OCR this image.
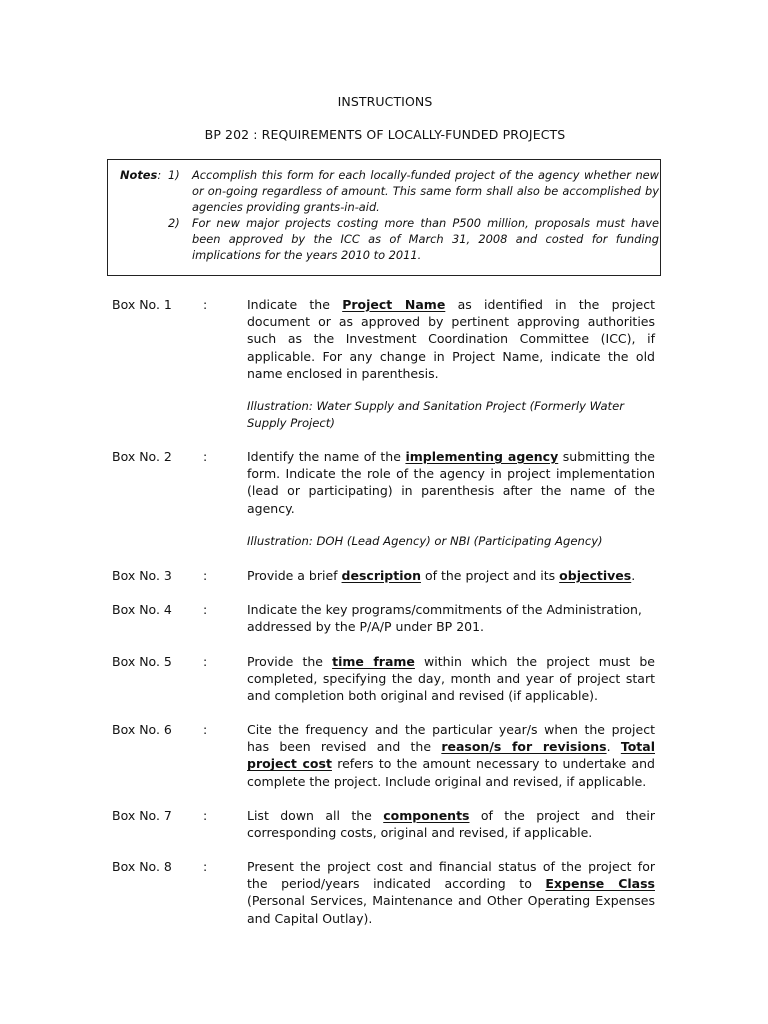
INSTRUCTIONS
BP 202 : REQUIREMENTS OF LOCALLY-FUNDED PROJECTS
Notes: 1) Accomplish this form for each locally-funded project of the agency whether new or on-going regardless of amount. This same form shall also be accomplished by agencies providing grants-in-aid.
2) For new major projects costing more than P500 million, proposals must have been approved by the ICC as of March 31, 2008 and costed for funding implications for the years 2010 to 2011.
Box No. 1 :	Indicate the Project Name as identified in the project document or as approved by pertinent approving authorities such as the Investment Coordination Committee (ICC), if applicable. For any change in Project Name, indicate the old name enclosed in parenthesis.
Illustration: Water Supply and Sanitation Project (Formerly Water Supply Project)
Box No. 2 :	Identify the name of the implementing agency submitting the form. Indicate the role of the agency in project implementation (lead or participating) in parenthesis after the name of the agency.
Illustration: DOH (Lead Agency) or NBI (Participating Agency)
Box No. 3 :	Provide a brief description of the project and its objectives.
Box No. 4 :	Indicate the key programs/commitments of the Administration, addressed by the P/A/P under BP 201.
Box No. 5 :	Provide the time frame within which the project must be completed, specifying the day, month and year of project start and completion both original and revised (if applicable).
Box No. 6 :	Cite the frequency and the particular year/s when the project has been revised and the reason/s for revisions. Total project cost refers to the amount necessary to undertake and complete the project. Include original and revised, if applicable.
Box No. 7 :	List down all the components of the project and their corresponding costs, original and revised, if applicable.
Box No. 8 :	Present the project cost and financial status of the project for the period/years indicated according to Expense Class (Personal Services, Maintenance and Other Operating Expenses and Capital Outlay).
